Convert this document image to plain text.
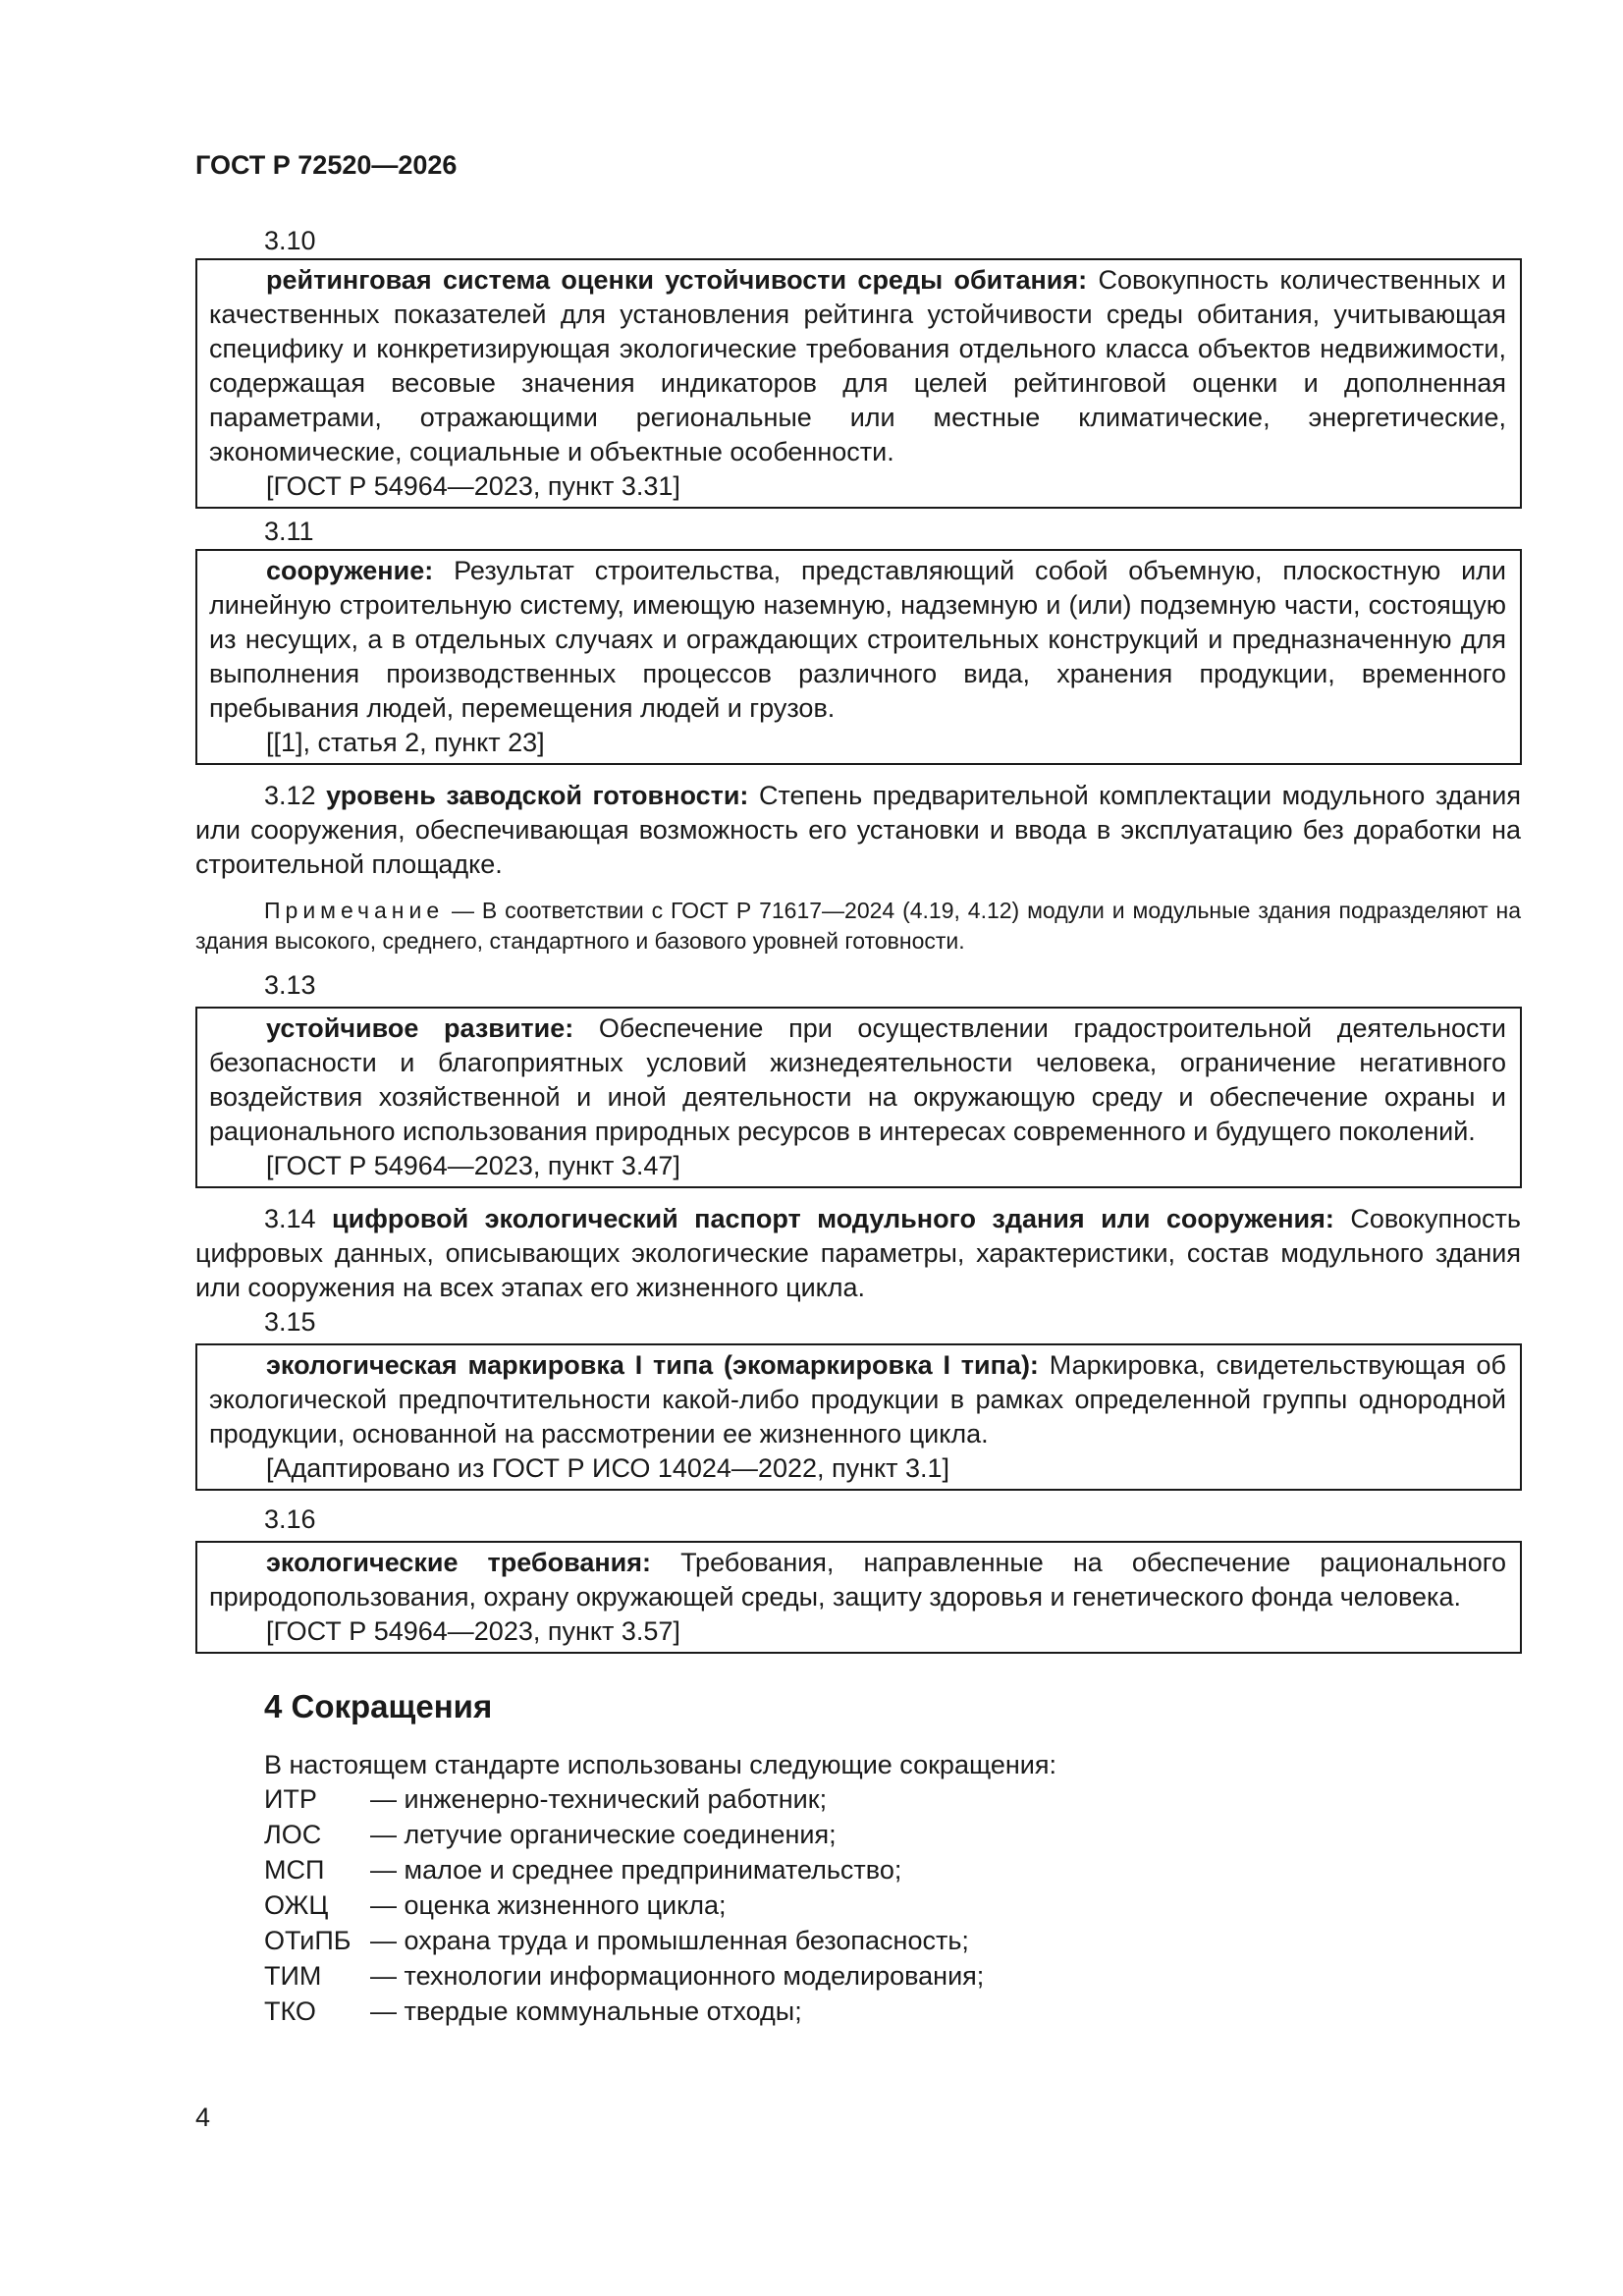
ГОСТ Р 72520—2026

3.10

рейтинговая система оценки устойчивости среды обитания: Совокупность количественных и качественных показателей для установления рейтинга устойчивости среды обитания, учитывающая специфику и конкретизирующая экологические требования отдельного класса объектов недвижимости, содержащая весовые значения индикаторов для целей рейтинговой оценки и дополненная параметрами, отражающими региональные или местные климатические, энергетические, экономические, социальные и объектные особенности.

[ГОСТ Р 54964—2023, пункт 3.31]

3.11

сооружение: Результат строительства, представляющий собой объемную, плоскостную или линейную строительную систему, имеющую наземную, надземную и (или) подземную части, состоящую из несущих, а в отдельных случаях и ограждающих строительных конструкций и предназначенную для выполнения производственных процессов различного вида, хранения продукции, временного пребывания людей, перемещения людей и грузов.

[[1], статья 2, пункт 23]

3.12 уровень заводской готовности: Степень предварительной комплектации модульного здания или сооружения, обеспечивающая возможность его установки и ввода в эксплуатацию без доработки на строительной площадке.

Примечание — В соответствии с ГОСТ Р 71617—2024 (4.19, 4.12) модули и модульные здания подразделяют на здания высокого, среднего, стандартного и базового уровней готовности.

3.13

устойчивое развитие: Обеспечение при осуществлении градостроительной деятельности безопасности и благоприятных условий жизнедеятельности человека, ограничение негативного воздействия хозяйственной и иной деятельности на окружающую среду и обеспечение охраны и рационального использования природных ресурсов в интересах современного и будущего поколений.

[ГОСТ Р 54964—2023, пункт 3.47]

3.14 цифровой экологический паспорт модульного здания или сооружения: Совокупность цифровых данных, описывающих экологические параметры, характеристики, состав модульного здания или сооружения на всех этапах его жизненного цикла.

3.15

экологическая маркировка I типа (экомаркировка I типа): Маркировка, свидетельствующая об экологической предпочтительности какой-либо продукции в рамках определенной группы однородной продукции, основанной на рассмотрении ее жизненного цикла.

[Адаптировано из ГОСТ Р ИСО 14024—2022, пункт 3.1]

3.16

экологические требования: Требования, направленные на обеспечение рационального природопользования, охрану окружающей среды, защиту здоровья и генетического фонда человека.

[ГОСТ Р 54964—2023, пункт 3.57]

4 Сокращения

В настоящем стандарте использованы следующие сокращения:

ИТР	— инженерно-технический работник;
ЛОС	— летучие органические соединения;
МСП	— малое и среднее предпринимательство;
ОЖЦ	— оценка жизненного цикла;
ОТиПБ — охрана труда и промышленная безопасность;
ТИМ	— технологии информационного моделирования;
ТКО	— твердые коммунальные отходы;
4
